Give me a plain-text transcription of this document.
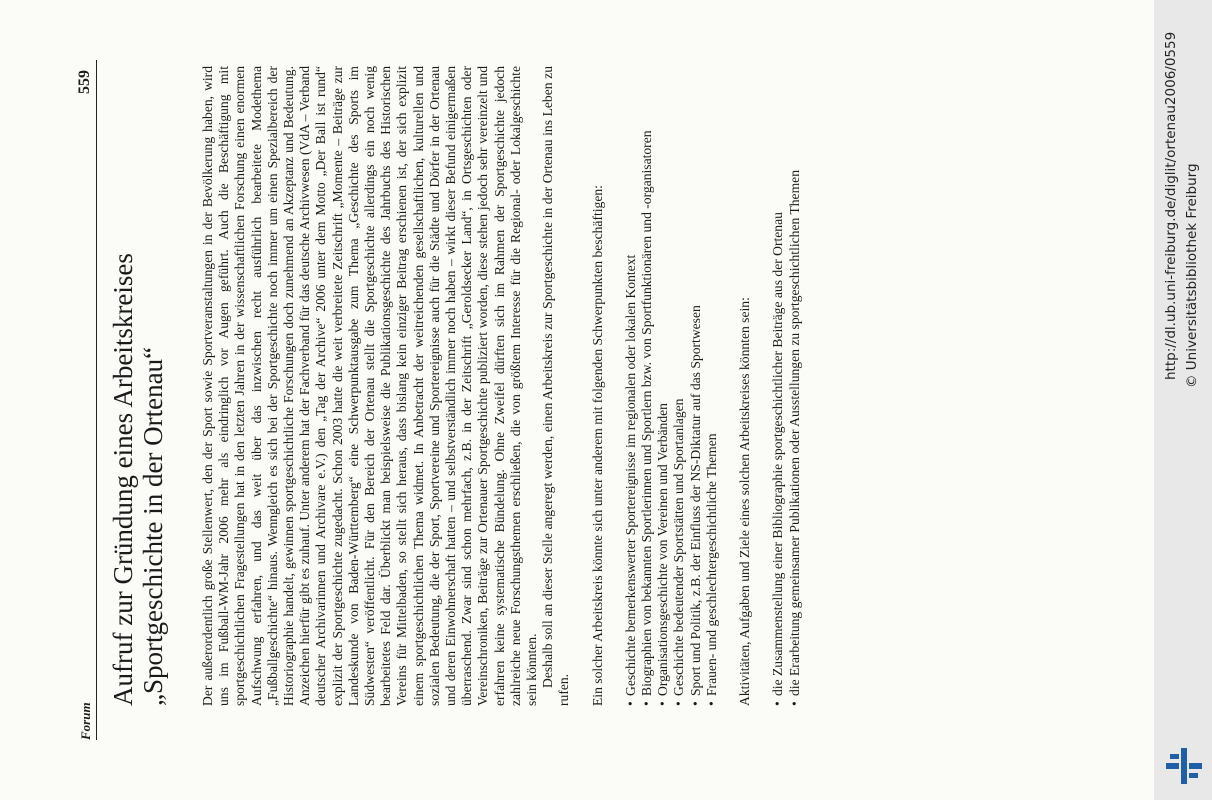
Forum
559
Aufruf zur Gründung eines Arbeitskreises „Sportgeschichte in der Ortenau“ Der außerordentlich große Stellenwert, den der Sport sowie Sportveranstaltungen in der Bevölkerung haben, wird uns im Fußball-WM-Jahr 2006 mehr als eindringlich vor Augen geführt. Auch die Beschäftigung mit sportgeschichtlichen Fragestellungen hat in den letzten Jahren in der wissenschaftlichen Forschung einen enormen Aufschwung erfahren, und das weit über das inzwischen recht ausführlich bearbeitete Modethema „Fußballgeschichte“ hinaus. Wenngleich es sich bei der Sportgeschichte noch immer um einen Spezialbereich der Historiographie handelt, gewinnen sportgeschichtliche Forschungen doch zunehmend an Akzeptanz und Bedeutung. Anzeichen hierfür gibt es zuhauf. Unter anderem hat der Fachverband für das deutsche Archivwesen (VdA – Verband deutscher Archivarinnen und Archivare e.V.) den „Tag der Archive“ 2006 unter dem Motto „Der Ball ist rund“ explizit der Sportgeschichte zugedacht. Schon 2003 hatte die weit verbreitete Zeitschrift „Momente – Beiträge zur Landeskunde von Baden-Württemberg“ eine Schwerpunktausgabe zum Thema „Geschichte des Sports im Südwesten“ veröffentlicht. Für den Bereich der Ortenau stellt die Sportgeschichte allerdings ein noch wenig bearbeitetes Feld dar. Überblickt man beispielsweise die Publikationsgeschichte des Jahrbuchs des Historischen Vereins für Mittelbaden, so stellt sich heraus, dass bislang kein einziger Beitrag erschienen ist, der sich explizit einem sportgeschichtlichen Thema widmet. In Anbetracht der weitreichenden gesellschaftlichen, kulturellen und sozialen Bedeutung, die der Sport, Sportvereine und Sportereignisse auch für die Städte und Dörfer in der Ortenau und deren Einwohnerschaft hatten – und selbstverständlich immer noch haben – wirkt dieser Befund einigermaßen überraschend. Zwar sind schon mehrfach, z.B. in der Zeitschrift „Geroldsecker Land“, in Ortsgeschichten oder Vereinschroniken, Beiträge zur Ortenauer Sportgeschichte publiziert worden, diese stehen jedoch sehr vereinzelt und erfahren keine systematische Bündelung. Ohne Zweifel dürften sich im Rahmen der Sportgeschichte jedoch zahlreiche neue Forschungsthemen erschließen, die von größtem Interesse für die Regional- oder Lokalgeschichte sein könnten. Deshalb soll an dieser Stelle angeregt werden, einen Arbeitskreis zur Sportgeschichte in der Ortenau ins Leben zu rufen. Ein solcher Arbeitskreis könnte sich unter anderem mit folgenden Schwerpunkten beschäftigen: • Geschichte bemerkenswerter Sportereignisse im regionalen oder lokalen Kontext • Biographien von bekannten Sportlerinnen und Sportlern bzw. von Sportfunktionären und -organisatoren • Organisationsgeschichte von Vereinen und Verbänden • Geschichte bedeutender Sportstätten und Sportanlagen • Sport und Politik, z.B. der Einfluss der NS-Diktatur auf das Sportwesen • Frauen- und geschlechtergeschichtliche Themen Aktivitäten, Aufgaben und Ziele eines solchen Arbeitskreises könnten sein: • die Zusammenstellung einer Bibliographie sportgeschichtlicher Beiträge aus der Ortenau • die Erarbeitung gemeinsamer Publikationen oder Ausstellungen zu sportgeschichtlichen Themen	http://dl.ub.uni-freiburg.de/diglit/ortenau2006/0559 © Universitätsbibliothek Freiburg
